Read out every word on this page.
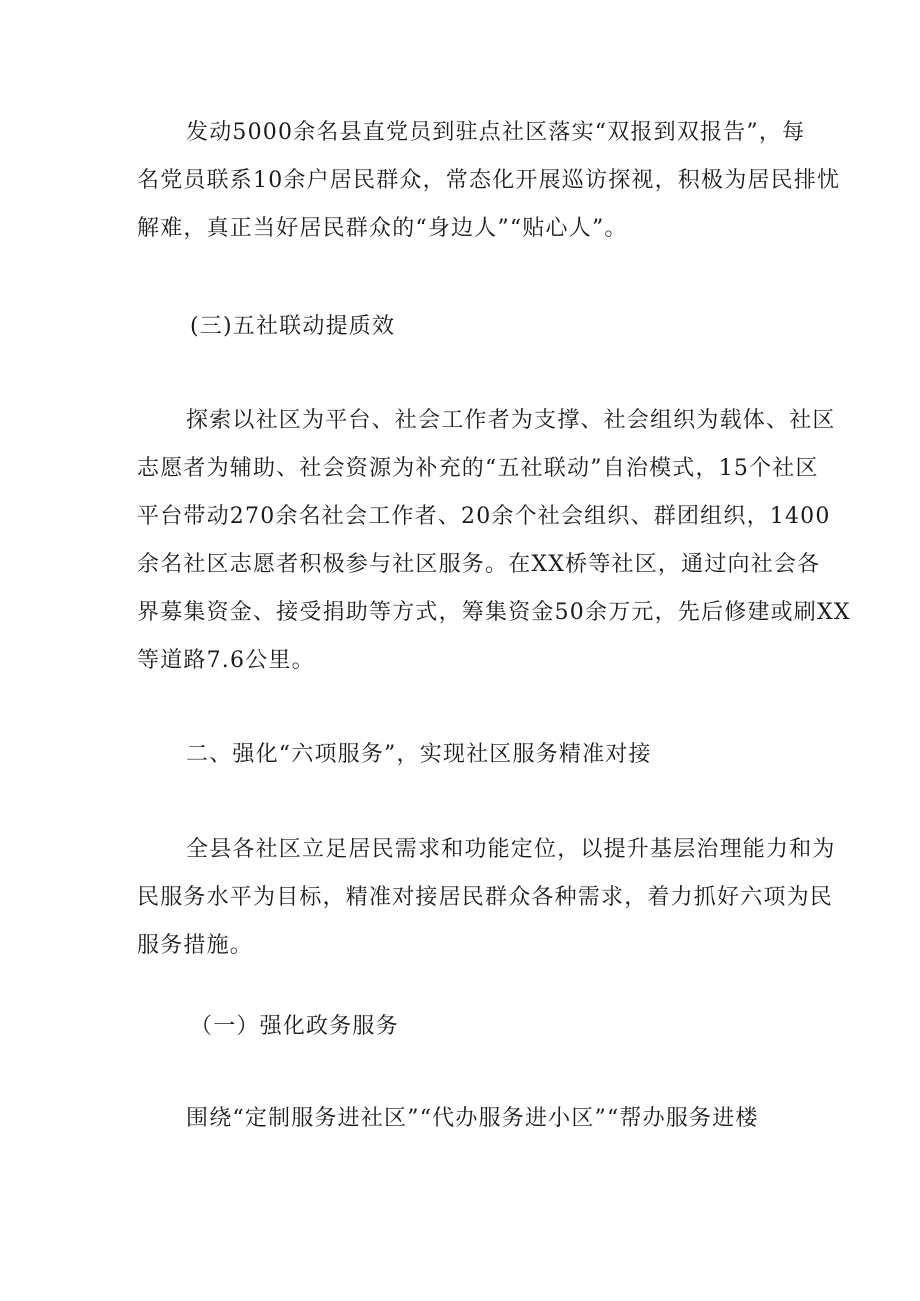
发动5000余名县直党员到驻点社区落实“双报到双报告”，每
名党员联系10余户居民群众，常态化开展巡访探视，积极为居民排忧
解难，真正当好居民群众的“身边人”“贴心人”。
(三)五社联动提质效
探索以社区为平台、社会工作者为支撑、社会组织为载体、社区
志愿者为辅助、社会资源为补充的“五社联动”自治模式，15个社区
平台带动270余名社会工作者、20余个社会组织、群团组织，1400
余名社区志愿者积极参与社区服务。在XX桥等社区，通过向社会各
界募集资金、接受捐助等方式，筹集资金50余万元，先后修建或刷XX
等道路7.6公里。
二、强化“六项服务”，实现社区服务精准对接
全县各社区立足居民需求和功能定位，以提升基层治理能力和为
民服务水平为目标，精准对接居民群众各种需求，着力抓好六项为民
服务措施。
（一）强化政务服务
围绕“定制服务进社区”“代办服务进小区”“帮办服务进楼
